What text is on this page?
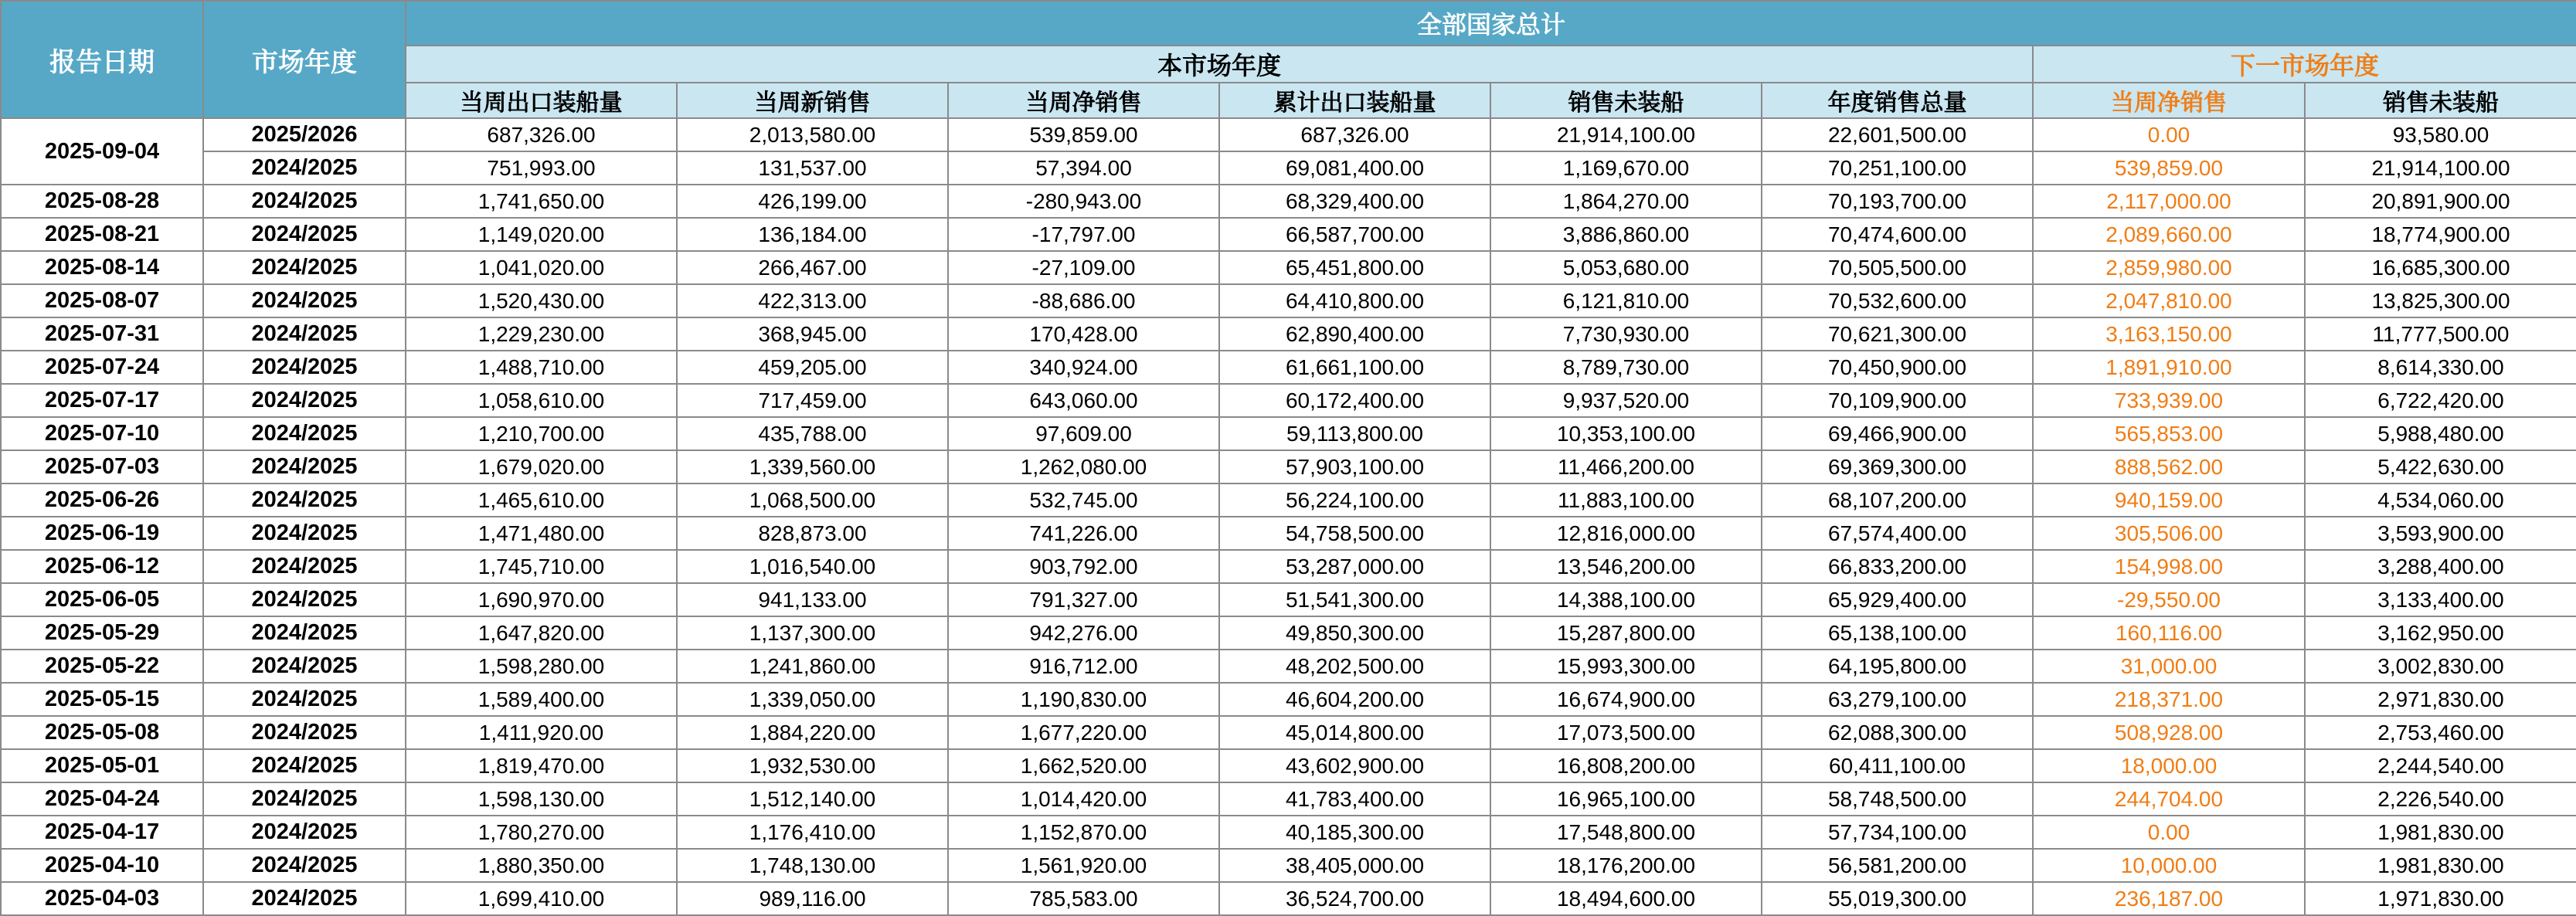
报告日期	市场年度	全部国家总计							
		本市场年度						下一市场年度	
		当周出口装船量	当周新销售	当周净销售	累计出口装船量	销售未装船	年度销售总量	当周净销售	销售未装船
2025-09-04	2025/2026	687,326.00	2,013,580.00	539,859.00	687,326.00	21,914,100.00	22,601,500.00	0.00	93,580.00
	2024/2025	751,993.00	131,537.00	57,394.00	69,081,400.00	1,169,670.00	70,251,100.00	539,859.00	21,914,100.00
2025-08-28	2024/2025	1,741,650.00	426,199.00	-280,943.00	68,329,400.00	1,864,270.00	70,193,700.00	2,117,000.00	20,891,900.00
2025-08-21	2024/2025	1,149,020.00	136,184.00	-17,797.00	66,587,700.00	3,886,860.00	70,474,600.00	2,089,660.00	18,774,900.00
2025-08-14	2024/2025	1,041,020.00	266,467.00	-27,109.00	65,451,800.00	5,053,680.00	70,505,500.00	2,859,980.00	16,685,300.00
2025-08-07	2024/2025	1,520,430.00	422,313.00	-88,686.00	64,410,800.00	6,121,810.00	70,532,600.00	2,047,810.00	13,825,300.00
2025-07-31	2024/2025	1,229,230.00	368,945.00	170,428.00	62,890,400.00	7,730,930.00	70,621,300.00	3,163,150.00	11,777,500.00
2025-07-24	2024/2025	1,488,710.00	459,205.00	340,924.00	61,661,100.00	8,789,730.00	70,450,900.00	1,891,910.00	8,614,330.00
2025-07-17	2024/2025	1,058,610.00	717,459.00	643,060.00	60,172,400.00	9,937,520.00	70,109,900.00	733,939.00	6,722,420.00
2025-07-10	2024/2025	1,210,700.00	435,788.00	97,609.00	59,113,800.00	10,353,100.00	69,466,900.00	565,853.00	5,988,480.00
2025-07-03	2024/2025	1,679,020.00	1,339,560.00	1,262,080.00	57,903,100.00	11,466,200.00	69,369,300.00	888,562.00	5,422,630.00
2025-06-26	2024/2025	1,465,610.00	1,068,500.00	532,745.00	56,224,100.00	11,883,100.00	68,107,200.00	940,159.00	4,534,060.00
2025-06-19	2024/2025	1,471,480.00	828,873.00	741,226.00	54,758,500.00	12,816,000.00	67,574,400.00	305,506.00	3,593,900.00
2025-06-12	2024/2025	1,745,710.00	1,016,540.00	903,792.00	53,287,000.00	13,546,200.00	66,833,200.00	154,998.00	3,288,400.00
2025-06-05	2024/2025	1,690,970.00	941,133.00	791,327.00	51,541,300.00	14,388,100.00	65,929,400.00	-29,550.00	3,133,400.00
2025-05-29	2024/2025	1,647,820.00	1,137,300.00	942,276.00	49,850,300.00	15,287,800.00	65,138,100.00	160,116.00	3,162,950.00
2025-05-22	2024/2025	1,598,280.00	1,241,860.00	916,712.00	48,202,500.00	15,993,300.00	64,195,800.00	31,000.00	3,002,830.00
2025-05-15	2024/2025	1,589,400.00	1,339,050.00	1,190,830.00	46,604,200.00	16,674,900.00	63,279,100.00	218,371.00	2,971,830.00
2025-05-08	2024/2025	1,411,920.00	1,884,220.00	1,677,220.00	45,014,800.00	17,073,500.00	62,088,300.00	508,928.00	2,753,460.00
2025-05-01	2024/2025	1,819,470.00	1,932,530.00	1,662,520.00	43,602,900.00	16,808,200.00	60,411,100.00	18,000.00	2,244,540.00
2025-04-24	2024/2025	1,598,130.00	1,512,140.00	1,014,420.00	41,783,400.00	16,965,100.00	58,748,500.00	244,704.00	2,226,540.00
2025-04-17	2024/2025	1,780,270.00	1,176,410.00	1,152,870.00	40,185,300.00	17,548,800.00	57,734,100.00	0.00	1,981,830.00
2025-04-10	2024/2025	1,880,350.00	1,748,130.00	1,561,920.00	38,405,000.00	18,176,200.00	56,581,200.00	10,000.00	1,981,830.00
2025-04-03	2024/2025	1,699,410.00	989,116.00	785,583.00	36,524,700.00	18,494,600.00	55,019,300.00	236,187.00	1,971,830.00
